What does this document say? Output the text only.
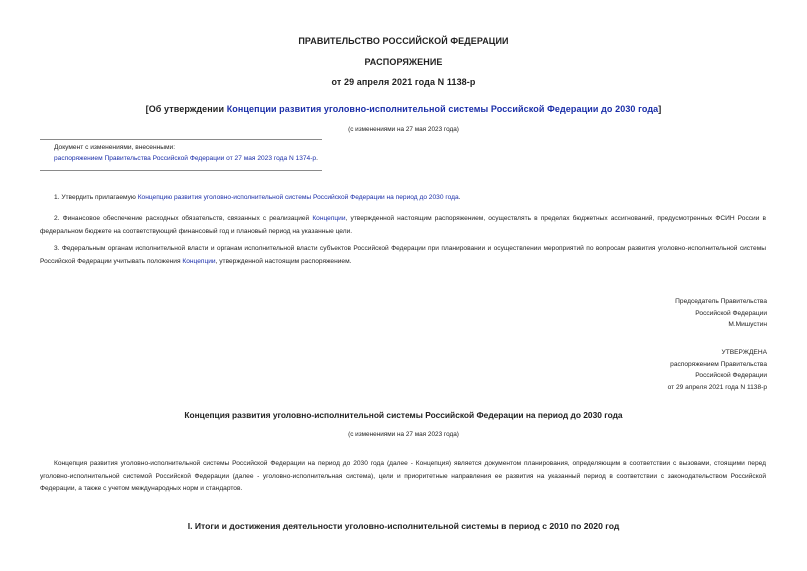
ПРАВИТЕЛЬСТВО РОССИЙСКОЙ ФЕДЕРАЦИИ
РАСПОРЯЖЕНИЕ
от 29 апреля 2021 года N 1138-р
[Об утверждении Концепции развития уголовно-исполнительной системы Российской Федерации до 2030 года]
(с изменениями на 27 мая 2023 года)
Документ с изменениями, внесенными:
распоряжением Правительства Российской Федерации от 27 мая 2023 года N 1374-р.
1. Утвердить прилагаемую Концепцию развития уголовно-исполнительной системы Российской Федерации на период до 2030 года.
2. Финансовое обеспечение расходных обязательств, связанных с реализацией Концепции, утвержденной настоящим распоряжением, осуществлять в пределах бюджетных ассигнований, предусмотренных ФСИН России в федеральном бюджете на соответствующий финансовый год и плановый период на указанные цели.
3. Федеральным органам исполнительной власти и органам исполнительной власти субъектов Российской Федерации при планировании и осуществлении мероприятий по вопросам развития уголовно-исполнительной системы Российской Федерации учитывать положения Концепции, утвержденной настоящим распоряжением.
Председатель Правительства
Российской Федерации
М.Мишустин
УТВЕРЖДЕНА
распоряжением Правительства
Российской Федерации
от 29 апреля 2021 года N 1138-р
Концепция развития уголовно-исполнительной системы Российской Федерации на период до 2030 года
(с изменениями на 27 мая 2023 года)
Концепция развития уголовно-исполнительной системы Российской Федерации на период до 2030 года (далее - Концепция) является документом планирования, определяющим в соответствии с вызовами, стоящими перед уголовно-исполнительной системой Российской Федерации (далее - уголовно-исполнительная система), цели и приоритетные направления ее развития на указанный период в соответствии с законодательством Российской Федерации, а также с учетом международных норм и стандартов.
I. Итоги и достижения деятельности уголовно-исполнительной системы в период с 2010 по 2020 год
